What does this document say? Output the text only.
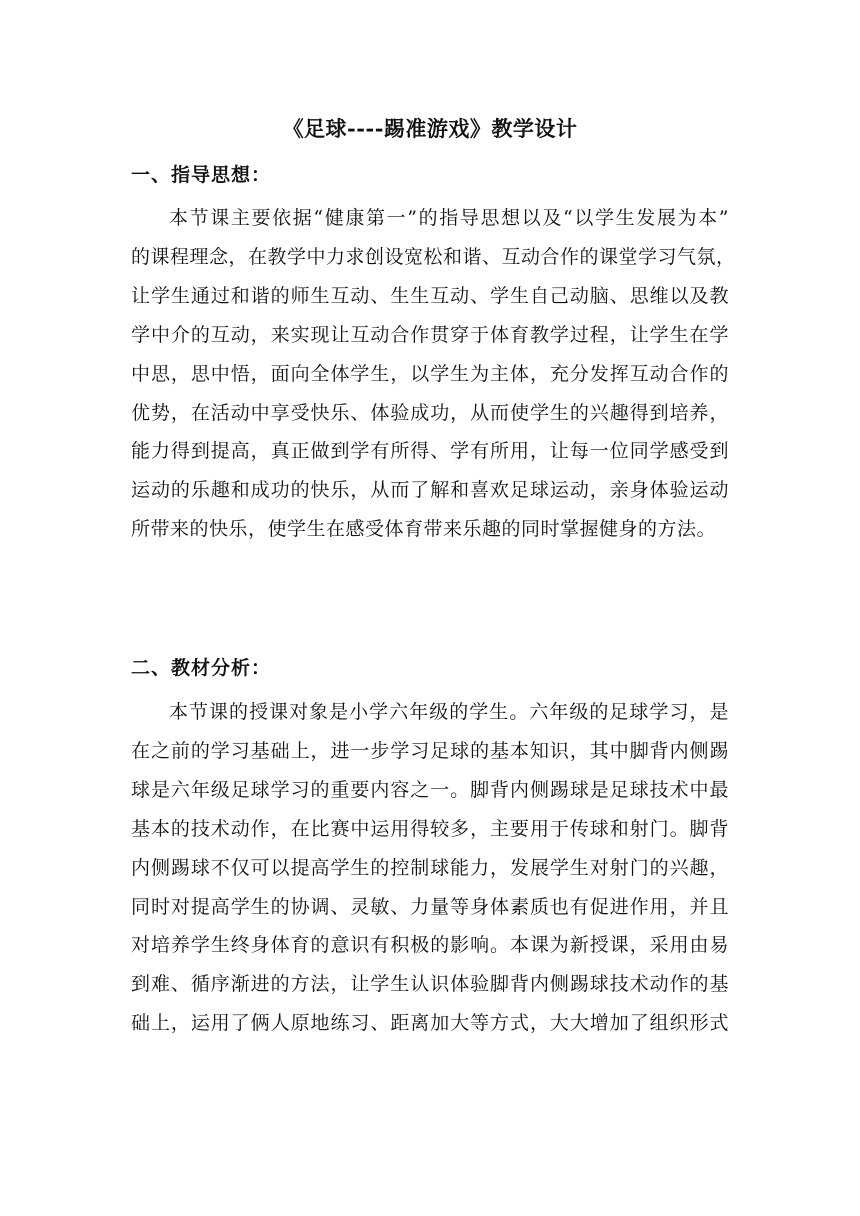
《足球----踢准游戏》教学设计
一、指导思想：
本节课主要依据“健康第一”的指导思想以及“以学生发展为本”
的课程理念，在教学中力求创设宽松和谐、互动合作的课堂学习气氛，
让学生通过和谐的师生互动、生生互动、学生自己动脑、思维以及教
学中介的互动，来实现让互动合作贯穿于体育教学过程，让学生在学
中思，思中悟，面向全体学生，以学生为主体，充分发挥互动合作的
优势，在活动中享受快乐、体验成功，从而使学生的兴趣得到培养，
能力得到提高，真正做到学有所得、学有所用，让每一位同学感受到
运动的乐趣和成功的快乐，从而了解和喜欢足球运动，亲身体验运动
所带来的快乐，使学生在感受体育带来乐趣的同时掌握健身的方法。
二、教材分析：
本节课的授课对象是小学六年级的学生。六年级的足球学习，是
在之前的学习基础上，进一步学习足球的基本知识，其中脚背内侧踢
球是六年级足球学习的重要内容之一。脚背内侧踢球是足球技术中最
基本的技术动作，在比赛中运用得较多，主要用于传球和射门。脚背
内侧踢球不仅可以提高学生的控制球能力，发展学生对射门的兴趣，
同时对提高学生的协调、灵敏、力量等身体素质也有促进作用，并且
对培养学生终身体育的意识有积极的影响。本课为新授课，采用由易
到难、循序渐进的方法，让学生认识体验脚背内侧踢球技术动作的基
础上，运用了俩人原地练习、距离加大等方式，大大增加了组织形式
